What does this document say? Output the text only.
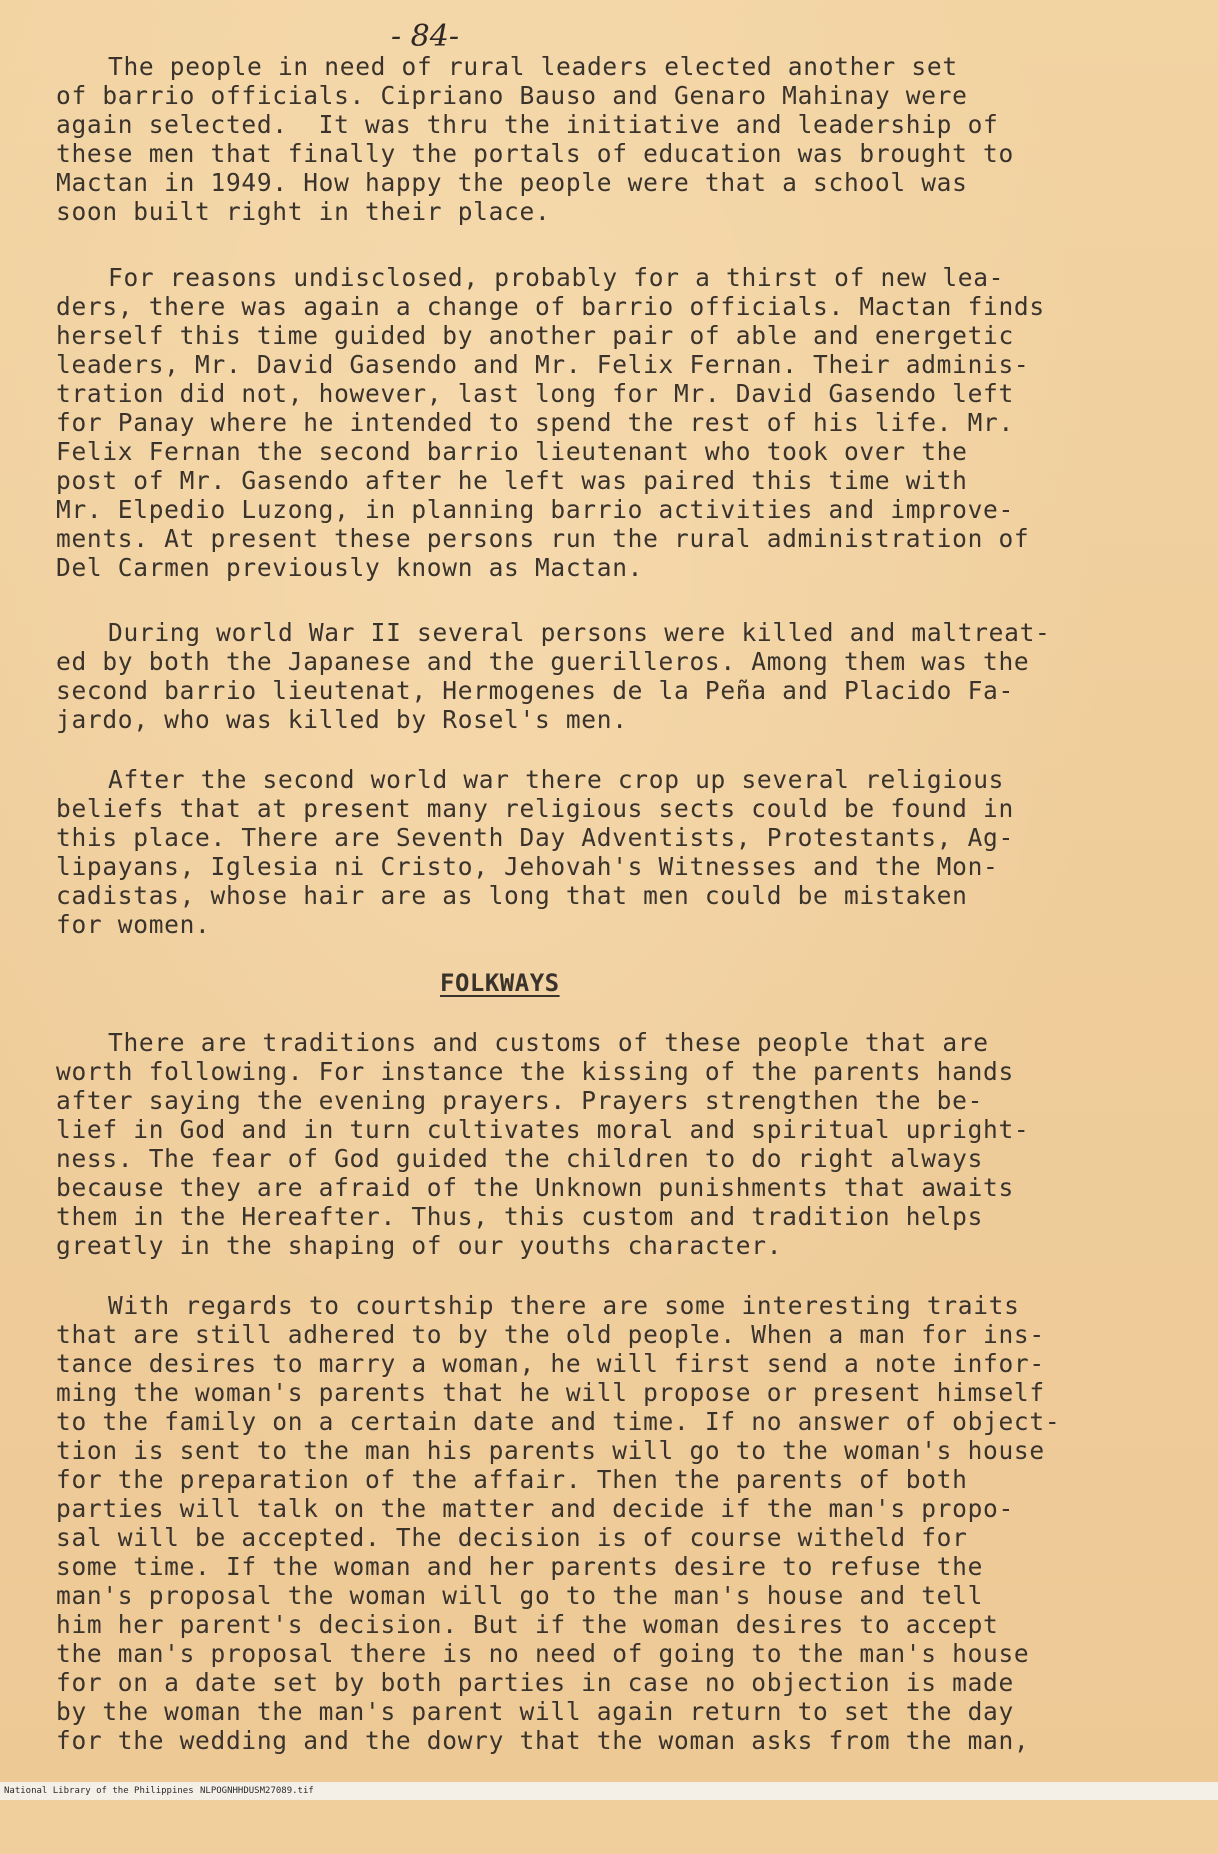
- 84-

The people in need of rural leaders elected another set

of barrio officials. Cipriano Bauso and Genaro Mahinay were

again selected.  It was thru the initiative and leadership of

these men that finally the portals of education was brought to

Mactan in 1949. How happy the people were that a school was

soon built right in their place.

For reasons undisclosed, probably for a thirst of new lea-

ders, there was again a change of barrio officials. Mactan finds

herself this time guided by another pair of able and energetic

leaders, Mr. David Gasendo and Mr. Felix Fernan. Their adminis-

tration did not, however, last long for Mr. David Gasendo left

for Panay where he intended to spend the rest of his life. Mr.

Felix Fernan the second barrio lieutenant who took over the

post of Mr. Gasendo after he left was paired this time with

Mr. Elpedio Luzong, in planning barrio activities and improve-

ments. At present these persons run the rural administration of

Del Carmen previously known as Mactan.

During world War II several persons were killed and maltreat-

ed by both the Japanese and the guerilleros. Among them was the

second barrio lieutenat, Hermogenes de la Peña and Placido Fa-

jardo, who was killed by Rosel's men.

After the second world war there crop up several religious

beliefs that at present many religious sects could be found in

this place. There are Seventh Day Adventists, Protestants, Ag-

lipayans, Iglesia ni Cristo, Jehovah's Witnesses and the Mon-

cadistas, whose hair are as long that men could be mistaken

for women.

FOLKWAYS

There are traditions and customs of these people that are

worth following. For instance the kissing of the parents hands

after saying the evening prayers. Prayers strengthen the be-

lief in God and in turn cultivates moral and spiritual upright-

ness. The fear of God guided the children to do right always

because they are afraid of the Unknown punishments that awaits

them in the Hereafter. Thus, this custom and tradition helps

greatly in the shaping of our youths character.

With regards to courtship there are some interesting traits

that are still adhered to by the old people. When a man for ins-

tance desires to marry a woman, he will first send a note infor-

ming the woman's parents that he will propose or present himself

to the family on a certain date and time. If no answer of object-

tion is sent to the man his parents will go to the woman's house

for the preparation of the affair. Then the parents of both

parties will talk on the matter and decide if the man's propo-

sal will be accepted. The decision is of course witheld for

some time. If the woman and her parents desire to refuse the

man's proposal the woman will go to the man's house and tell

him her parent's decision. But if the woman desires to accept

the man's proposal there is no need of going to the man's house

for on a date set by both parties in case no objection is made

by the woman the man's parent will again return to set the day

for the wedding and the dowry that the woman asks from the man,

National Library of the Philippines

NLPOGNHHDUSM27089.tif
